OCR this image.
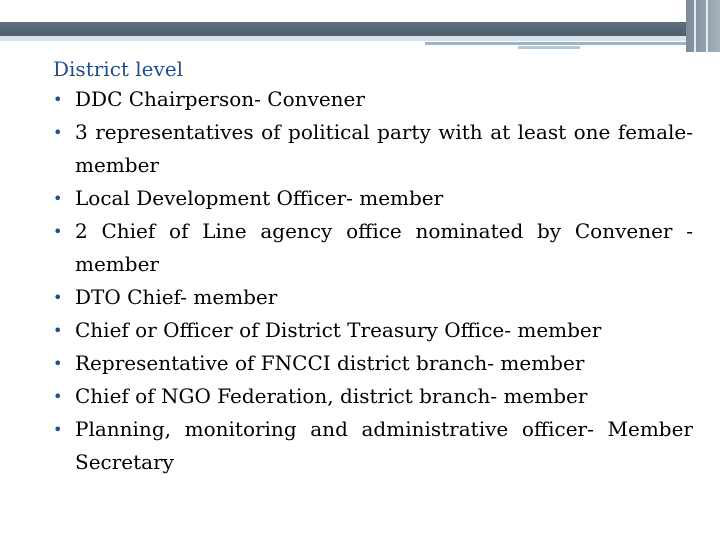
District level

• DDC Chairperson- Convener
• 3 representatives of political party with at least one female- member
• Local Development Officer- member
• 2 Chief of Line agency office nominated by Convener - member
• DTO Chief- member
• Chief or Officer of District Treasury Office- member
• Representative of FNCCI district branch- member
• Chief of NGO Federation, district branch- member
• Planning, monitoring and administrative officer- Member Secretary
